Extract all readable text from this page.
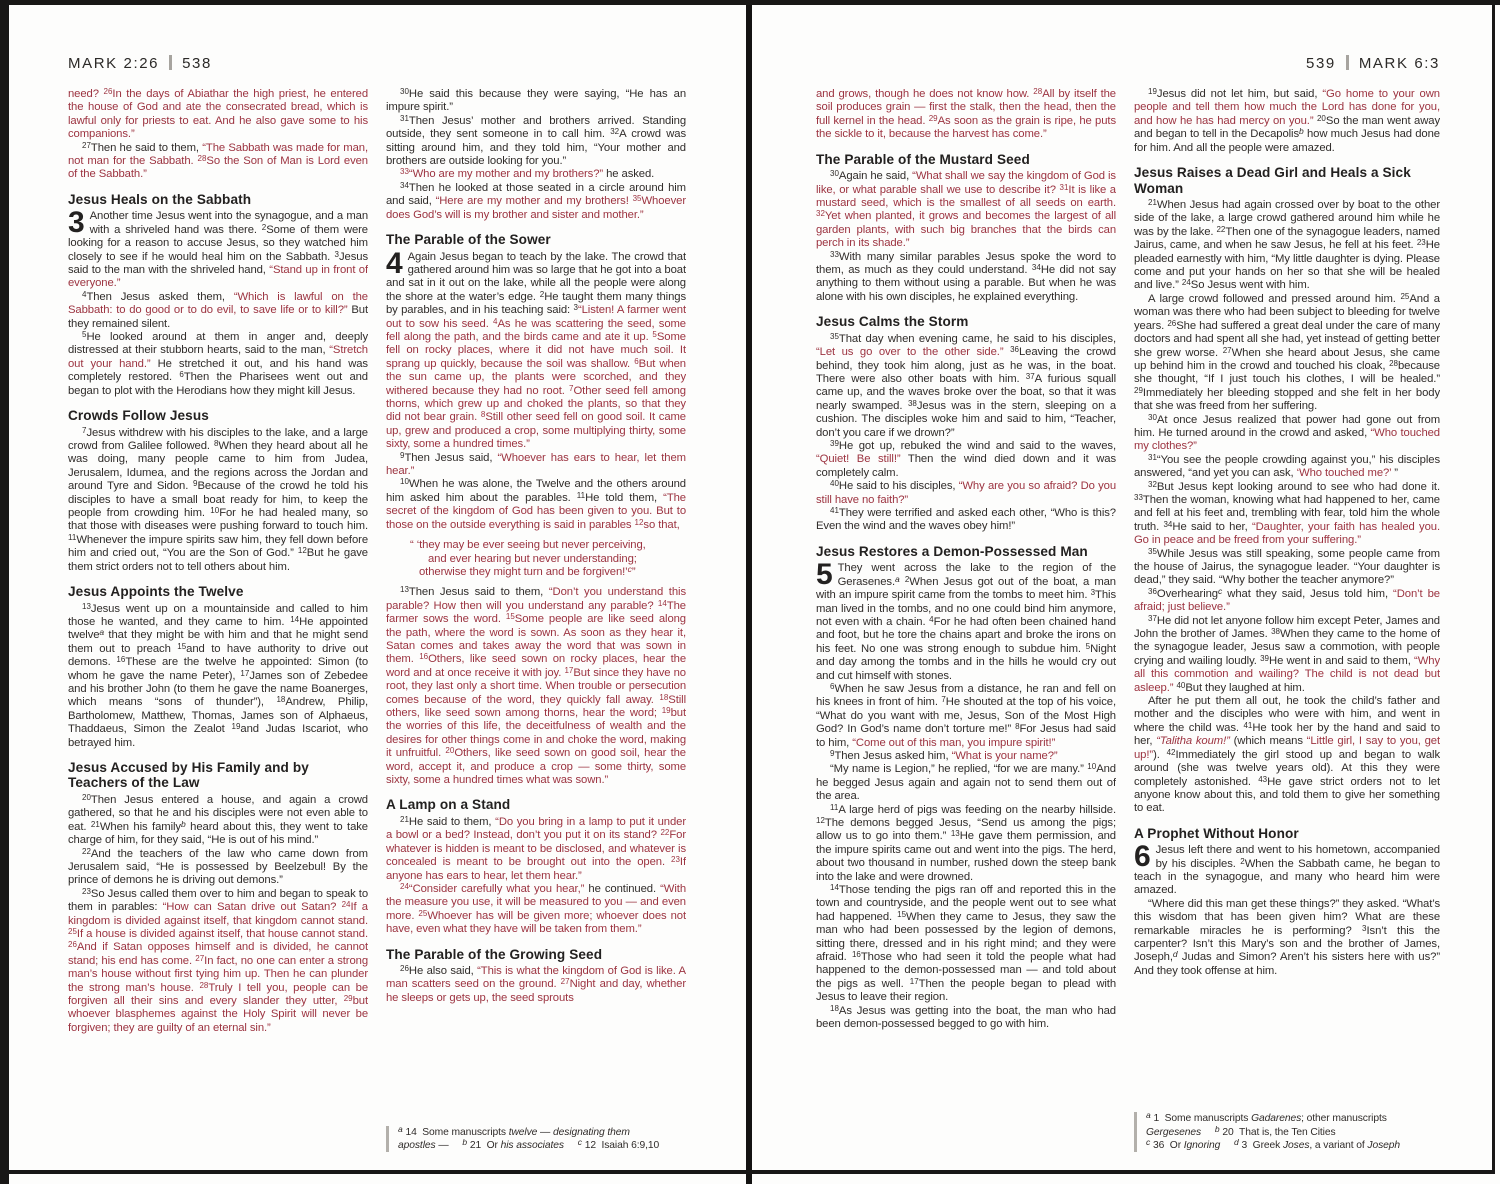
MARK 2:26 538	539 MARK 6:3

need? $^{26}$In the days of Abiathar the high priest, he entered the house of God and ate the consecrated bread, which is lawful only for priests to eat. And he also gave some to his companions.”

$^{27}$Then he said to them, “The Sabbath was made for man, not man for the Sabbath. $^{28}$So the Son of Man is Lord even of the Sabbath.”

Jesus Heals on the Sabbath

3 Another time Jesus went into the synagogue, and a man with a shriveled hand was there. $^2$Some of them were looking for a reason to accuse Jesus, so they watched him closely to see if he would heal him on the Sabbath. $^3$Jesus said to the man with the shriveled hand, “Stand up in front of everyone.”

$^4$Then Jesus asked them, “Which is lawful on the Sabbath: to do good or to do evil, to save life or to kill?” But they remained silent.

$^5$He looked around at them in anger and, deeply distressed at their stubborn hearts, said to the man, “Stretch out your hand.” He stretched it out, and his hand was completely restored. $^6$Then the Pharisees went out and began to plot with the Herodians how they might kill Jesus.

Crowds Follow Jesus

$^7$Jesus withdrew with his disciples to the lake, and a large crowd from Galilee followed. $^8$When they heard about all he was doing, many people came to him from Judea, Jerusalem, Idumea, and the regions across the Jordan and around Tyre and Sidon. $^9$Because of the crowd he told his disciples to have a small boat ready for him, to keep the people from crowding him. $^{10}$For he had healed many, so that those with diseases were pushing forward to touch him. $^{11}$Whenever the impure spirits saw him, they fell down before him and cried out, “You are the Son of God.” $^{12}$But he gave them strict orders not to tell others about him.

Jesus Appoints the Twelve

$^{13}$Jesus went up on a mountainside and called to him those he wanted, and they came to him. $^{14}$He appointed twelve$^a$ that they might be with him and that he might send them out to preach $^{15}$and to have authority to drive out demons. $^{16}$These are the twelve he appointed: Simon (to whom he gave the name Peter), $^{17}$James son of Zebedee and his brother John (to them he gave the name Boanerges, which means “sons of thunder”), $^{18}$Andrew, Philip, Bartholomew, Matthew, Thomas, James son of Alphaeus, Thaddaeus, Simon the Zealot $^{19}$and Judas Iscariot, who betrayed him.

Jesus Accused by His Family and by Teachers of the Law

$^{20}$Then Jesus entered a house, and again a crowd gathered, so that he and his disciples were not even able to eat. $^{21}$When his family$^b$ heard about this, they went to take charge of him, for they said, “He is out of his mind.”

$^{22}$And the teachers of the law who came down from Jerusalem said, “He is possessed by Beelzebul! By the prince of demons he is driving out demons.”

$^{23}$So Jesus called them over to him and began to speak to them in parables: “How can Satan drive out Satan? $^{24}$If a kingdom is divided against itself, that kingdom cannot stand. $^{25}$If a house is divided against itself, that house cannot stand. $^{26}$And if Satan opposes himself and is divided, he cannot stand; his end has come. $^{27}$In fact, no one can enter a strong man’s house without first tying him up. Then he can plunder the strong man’s house. $^{28}$Truly I tell you, people can be forgiven all their sins and every slander they utter, $^{29}$but whoever blasphemes against the Holy Spirit will never be forgiven; they are guilty of an eternal sin.”

$^{30}$He said this because they were saying, “He has an impure spirit.”

$^{31}$Then Jesus’ mother and brothers arrived. Standing outside, they sent someone in to call him. $^{32}$A crowd was sitting around him, and they told him, “Your mother and brothers are outside looking for you.”

$^{33}$“Who are my mother and my brothers?” he asked.

$^{34}$Then he looked at those seated in a circle around him and said, “Here are my mother and my brothers! $^{35}$Whoever does God’s will is my brother and sister and mother.”

The Parable of the Sower

4 Again Jesus began to teach by the lake. The crowd that gathered around him was so large that he got into a boat and sat in it out on the lake, while all the people were along the shore at the water’s edge. $^2$He taught them many things by parables, and in his teaching said: $^3$“Listen! A farmer went out to sow his seed. $^4$As he was scattering the seed, some fell along the path, and the birds came and ate it up. $^5$Some fell on rocky places, where it did not have much soil. It sprang up quickly, because the soil was shallow. $^6$But when the sun came up, the plants were scorched, and they withered because they had no root. $^7$Other seed fell among thorns, which grew up and choked the plants, so that they did not bear grain. $^8$Still other seed fell on good soil. It came up, grew and produced a crop, some multiplying thirty, some sixty, some a hundred times.”

$^9$Then Jesus said, “Whoever has ears to hear, let them hear.”

$^{10}$When he was alone, the Twelve and the others around him asked him about the parables. $^{11}$He told them, “The secret of the kingdom of God has been given to you. But to those on the outside everything is said in parables $^{12}$so that,

“ ‘they may be ever seeing but never perceiving,
and ever hearing but never understanding;
otherwise they might turn and be forgiven!’$^c$”

$^{13}$Then Jesus said to them, “Don’t you understand this parable? How then will you understand any parable? $^{14}$The farmer sows the word. $^{15}$Some people are like seed along the path, where the word is sown. As soon as they hear it, Satan comes and takes away the word that was sown in them. $^{16}$Others, like seed sown on rocky places, hear the word and at once receive it with joy. $^{17}$But since they have no root, they last only a short time. When trouble or persecution comes because of the word, they quickly fall away. $^{18}$Still others, like seed sown among thorns, hear the word; $^{19}$but the worries of this life, the deceitfulness of wealth and the desires for other things come in and choke the word, making it unfruitful. $^{20}$Others, like seed sown on good soil, hear the word, accept it, and produce a crop — some thirty, some sixty, some a hundred times what was sown.”

A Lamp on a Stand

$^{21}$He said to them, “Do you bring in a lamp to put it under a bowl or a bed? Instead, don’t you put it on its stand? $^{22}$For whatever is hidden is meant to be disclosed, and whatever is concealed is meant to be brought out into the open. $^{23}$If anyone has ears to hear, let them hear.”

$^{24}$“Consider carefully what you hear,” he continued. “With the measure you use, it will be measured to you — and even more. $^{25}$Whoever has will be given more; whoever does not have, even what they have will be taken from them.”

The Parable of the Growing Seed

$^{26}$He also said, “This is what the kingdom of God is like. A man scatters seed on the ground. $^{27}$Night and day, whether he sleeps or gets up, the seed sprouts

$^a$ 14  Some manuscripts twelve — designating them
apostles —     $^b$ 21  Or his associates $^c$ 12  Isaiah 6:9,10

and grows, though he does not know how. $^{28}$All by itself the soil produces grain — first the stalk, then the head, then the full kernel in the head. $^{29}$As soon as the grain is ripe, he puts the sickle to it, because the harvest has come.”

The Parable of the Mustard Seed

$^{30}$Again he said, “What shall we say the kingdom of God is like, or what parable shall we use to describe it? $^{31}$It is like a mustard seed, which is the smallest of all seeds on earth. $^{32}$Yet when planted, it grows and becomes the largest of all garden plants, with such big branches that the birds can perch in its shade.”

$^{33}$With many similar parables Jesus spoke the word to them, as much as they could understand. $^{34}$He did not say anything to them without using a parable. But when he was alone with his own disciples, he explained everything.

Jesus Calms the Storm

$^{35}$That day when evening came, he said to his disciples, “Let us go over to the other side.” $^{36}$Leaving the crowd behind, they took him along, just as he was, in the boat. There were also other boats with him. $^{37}$A furious squall came up, and the waves broke over the boat, so that it was nearly swamped. $^{38}$Jesus was in the stern, sleeping on a cushion. The disciples woke him and said to him, “Teacher, don’t you care if we drown?”

$^{39}$He got up, rebuked the wind and said to the waves, “Quiet! Be still!” Then the wind died down and it was completely calm.

$^{40}$He said to his disciples, “Why are you so afraid? Do you still have no faith?”

$^{41}$They were terrified and asked each other, “Who is this? Even the wind and the waves obey him!”

Jesus Restores a Demon-Possessed Man

5 They went across the lake to the region of the Gerasenes.$^a$ $^2$When Jesus got out of the boat, a man with an impure spirit came from the tombs to meet him. $^3$This man lived in the tombs, and no one could bind him anymore, not even with a chain. $^4$For he had often been chained hand and foot, but he tore the chains apart and broke the irons on his feet. No one was strong enough to subdue him. $^5$Night and day among the tombs and in the hills he would cry out and cut himself with stones.

$^6$When he saw Jesus from a distance, he ran and fell on his knees in front of him. $^7$He shouted at the top of his voice, “What do you want with me, Jesus, Son of the Most High God? In God’s name don’t torture me!” $^8$For Jesus had said to him, “Come out of this man, you impure spirit!”

$^9$Then Jesus asked him, “What is your name?”

“My name is Legion,” he replied, “for we are many.” $^{10}$And he begged Jesus again and again not to send them out of the area.

$^{11}$A large herd of pigs was feeding on the nearby hillside. $^{12}$The demons begged Jesus, “Send us among the pigs; allow us to go into them.” $^{13}$He gave them permission, and the impure spirits came out and went into the pigs. The herd, about two thousand in number, rushed down the steep bank into the lake and were drowned.

$^{14}$Those tending the pigs ran off and reported this in the town and countryside, and the people went out to see what had happened. $^{15}$When they came to Jesus, they saw the man who had been possessed by the legion of demons, sitting there, dressed and in his right mind; and they were afraid. $^{16}$Those who had seen it told the people what had happened to the demon-possessed man — and told about the pigs as well. $^{17}$Then the people began to plead with Jesus to leave their region.

$^{18}$As Jesus was getting into the boat, the man who had been demon-possessed begged to go with him.

$^{19}$Jesus did not let him, but said, “Go home to your own people and tell them how much the Lord has done for you, and how he has had mercy on you.” $^{20}$So the man went away and began to tell in the Decapolis$^b$ how much Jesus had done for him. And all the people were amazed.

Jesus Raises a Dead Girl and Heals a Sick Woman

$^{21}$When Jesus had again crossed over by boat to the other side of the lake, a large crowd gathered around him while he was by the lake. $^{22}$Then one of the synagogue leaders, named Jairus, came, and when he saw Jesus, he fell at his feet. $^{23}$He pleaded earnestly with him, “My little daughter is dying. Please come and put your hands on her so that she will be healed and live.” $^{24}$So Jesus went with him.

A large crowd followed and pressed around him. $^{25}$And a woman was there who had been subject to bleeding for twelve years. $^{26}$She had suffered a great deal under the care of many doctors and had spent all she had, yet instead of getting better she grew worse. $^{27}$When she heard about Jesus, she came up behind him in the crowd and touched his cloak, $^{28}$because she thought, “If I just touch his clothes, I will be healed.” $^{29}$Immediately her bleeding stopped and she felt in her body that she was freed from her suffering.

$^{30}$At once Jesus realized that power had gone out from him. He turned around in the crowd and asked, “Who touched my clothes?”

$^{31}$“You see the people crowding against you,” his disciples answered, “and yet you can ask, ‘Who touched me?’ ”

$^{32}$But Jesus kept looking around to see who had done it. $^{33}$Then the woman, knowing what had happened to her, came and fell at his feet and, trembling with fear, told him the whole truth. $^{34}$He said to her, “Daughter, your faith has healed you. Go in peace and be freed from your suffering.”

$^{35}$While Jesus was still speaking, some people came from the house of Jairus, the synagogue leader. “Your daughter is dead,” they said. “Why bother the teacher anymore?”

$^{36}$Overhearing$^c$ what they said, Jesus told him, “Don’t be afraid; just believe.”

$^{37}$He did not let anyone follow him except Peter, James and John the brother of James. $^{38}$When they came to the home of the synagogue leader, Jesus saw a commotion, with people crying and wailing loudly. $^{39}$He went in and said to them, “Why all this commotion and wailing? The child is not dead but asleep.” $^{40}$But they laughed at him.

After he put them all out, he took the child’s father and mother and the disciples who were with him, and went in where the child was. $^{41}$He took her by the hand and said to her, “Talitha koum!” (which means “Little girl, I say to you, get up!”). $^{42}$Immediately the girl stood up and began to walk around (she was twelve years old). At this they were completely astonished. $^{43}$He gave strict orders not to let anyone know about this, and told them to give her something to eat.

A Prophet Without Honor

6 Jesus left there and went to his hometown, accompanied by his disciples. $^2$When the Sabbath came, he began to teach in the synagogue, and many who heard him were amazed.

“Where did this man get these things?” they asked. “What’s this wisdom that has been given him? What are these remarkable miracles he is performing? $^3$Isn’t this the carpenter? Isn’t this Mary’s son and the brother of James, Joseph,$^d$ Judas and Simon? Aren’t his sisters here with us?” And they took offense at him.

$^a$ 1  Some manuscripts Gadarenes; other manuscripts
Gergesenes $^b$ 20  That is, the Ten Cities
$^c$ 36  Or Ignoring $^d$ 3  Greek Joses, a variant of Joseph
